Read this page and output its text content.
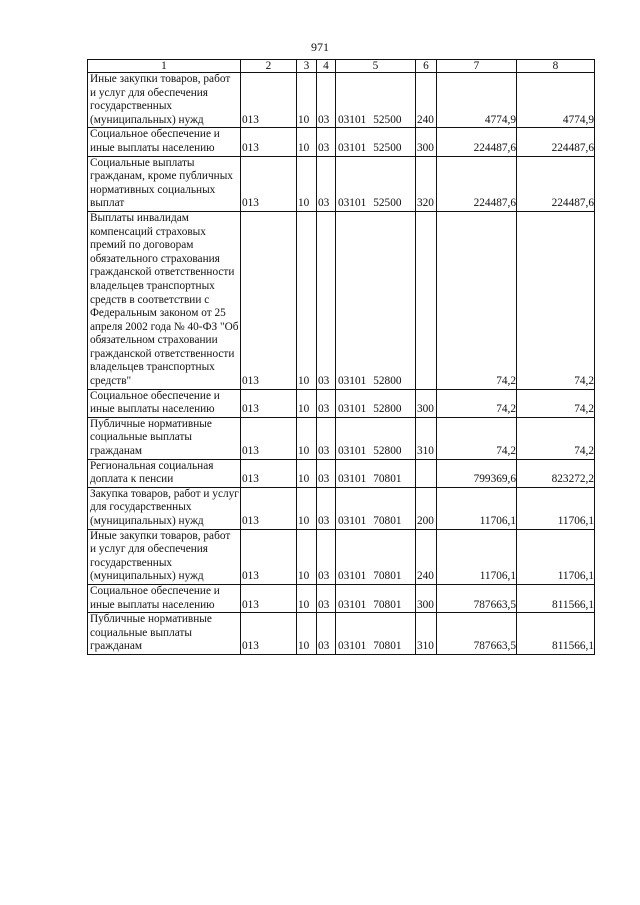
971
1	2	3	4	5	6	7	8
Иные закупки товаров, работ и услуг для обеспечения государственных (муниципальных) нужд	013	10	03	03101 52500	240	4774,9	4774,9
Социальное обеспечение и иные выплаты населению	013	10	03	03101 52500	300	224487,6	224487,6
Социальные выплаты гражданам, кроме публичных нормативных социальных выплат	013	10	03	03101 52500	320	224487,6	224487,6
Выплаты инвалидам компенсаций страховых премий по договорам обязательного страхования гражданской ответственности владельцев транспортных средств в соответствии с Федеральным законом от 25 апреля 2002 года № 40-ФЗ "Об обязательном страховании гражданской ответственности владельцев транспортных средств"	013	10	03	03101 52800		74,2	74,2
Социальное обеспечение и иные выплаты населению	013	10	03	03101 52800	300	74,2	74,2
Публичные нормативные социальные выплаты гражданам	013	10	03	03101 52800	310	74,2	74,2
Региональная социальная доплата к пенсии	013	10	03	03101 70801		799369,6	823272,2
Закупка товаров, работ и услуг для государственных (муниципальных) нужд	013	10	03	03101 70801	200	11706,1	11706,1
Иные закупки товаров, работ и услуг для обеспечения государственных (муниципальных) нужд	013	10	03	03101 70801	240	11706,1	11706,1
Социальное обеспечение и иные выплаты населению	013	10	03	03101 70801	300	787663,5	811566,1
Публичные нормативные социальные выплаты гражданам	013	10	03	03101 70801	310	787663,5	811566,1
